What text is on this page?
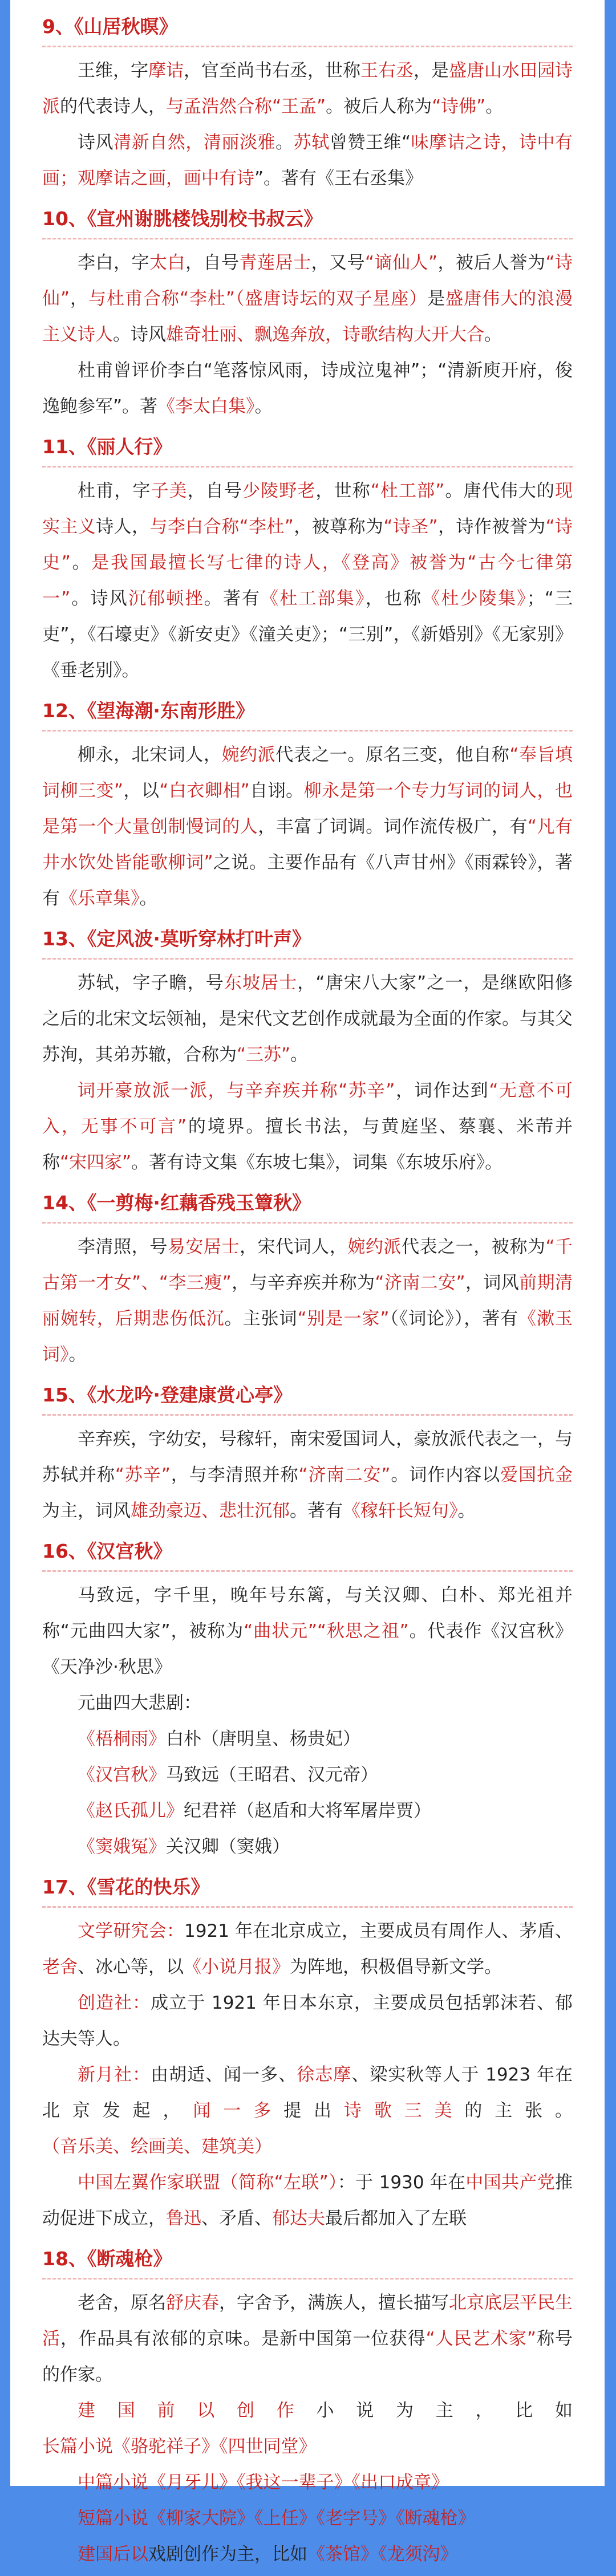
9、《山居秋暝》

王维，字摩诘，官至尚书右丞，世称王右丞，是盛唐山水田园诗派的代表诗人，与孟浩然合称“王孟”。被后人称为“诗佛”。

诗风清新自然，清丽淡雅。苏轼曾赞王维“味摩诘之诗，诗中有画；观摩诘之画，画中有诗”。著有《王右丞集》

10、《宣州谢朓楼饯别校书叔云》

李白，字太白，自号青莲居士，又号“谪仙人”，被后人誉为“诗仙”，与杜甫合称“李杜”（盛唐诗坛的双子星座）是盛唐伟大的浪漫主义诗人。诗风雄奇壮丽、飘逸奔放，诗歌结构大开大合。

杜甫曾评价李白“笔落惊风雨，诗成泣鬼神”；“清新庾开府，俊逸鲍参军”。著《李太白集》。

11、《丽人行》

杜甫，字子美，自号少陵野老，世称“杜工部”。唐代伟大的现实主义诗人，与李白合称“李杜”，被尊称为“诗圣”，诗作被誉为“诗史”。是我国最擅长写七律的诗人，《登高》被誉为“古今七律第一”。诗风沉郁顿挫。著有《杜工部集》，也称《杜少陵集》；“三吏”，《石壕吏》《新安吏》《潼关吏》；“三别”，《新婚别》《无家别》《垂老别》。

12、《望海潮·东南形胜》

柳永，北宋词人，婉约派代表之一。原名三变，他自称“奉旨填词柳三变”，以“白衣卿相”自诩。柳永是第一个专力写词的词人，也是第一个大量创制慢词的人，丰富了词调。词作流传极广，有“凡有井水饮处皆能歌柳词”之说。主要作品有《八声甘州》《雨霖铃》，著有《乐章集》。

13、《定风波·莫听穿林打叶声》

苏轼，字子瞻，号东坡居士，“唐宋八大家”之一，是继欧阳修之后的北宋文坛领袖，是宋代文艺创作成就最为全面的作家。与其父苏洵，其弟苏辙，合称为“三苏”。

词开豪放派一派，与辛弃疾并称“苏辛”，词作达到“无意不可入，无事不可言”的境界。擅长书法，与黄庭坚、蔡襄、米芾并称“宋四家”。著有诗文集《东坡七集》，词集《东坡乐府》。

14、《一剪梅·红藕香残玉簟秋》

李清照，号易安居士，宋代词人，婉约派代表之一，被称为“千古第一才女”、“李三瘦”，与辛弃疾并称为“济南二安”，词风前期清丽婉转，后期悲伤低沉。主张词“别是一家”（《词论》），著有《漱玉词》。

15、《水龙吟·登建康赏心亭》

辛弃疾，字幼安，号稼轩，南宋爱国词人，豪放派代表之一，与苏轼并称“苏辛”，与李清照并称“济南二安”。词作内容以爱国抗金为主，词风雄劲豪迈、悲壮沉郁。著有《稼轩长短句》。

16、《汉宫秋》

马致远，字千里，晚年号东篱，与关汉卿、白朴、郑光祖并称“元曲四大家”，被称为“曲状元”“秋思之祖”。代表作《汉宫秋》《天净沙·秋思》

元曲四大悲剧：

《梧桐雨》白朴（唐明皇、杨贵妃）
《汉宫秋》马致远（王昭君、汉元帝）
《赵氏孤儿》纪君祥（赵盾和大将军屠岸贾）
《窦娥冤》关汉卿（窦娥）
17、《雪花的快乐》

文学研究会：1921 年在北京成立，主要成员有周作人、茅盾、老舍、冰心等，以《小说月报》为阵地，积极倡导新文学。

创造社：成立于 1921 年日本东京，主要成员包括郭沫若、郁达夫等人。

新月社：由胡适、闻一多、徐志摩、梁实秋等人于 1923 年在北京发起，闻一多提出诗歌三美的主张。（音乐美、绘画美、建筑美）

中国左翼作家联盟（简称“左联”）：于 1930 年在中国共产党推动促进下成立，鲁迅、矛盾、郁达夫最后都加入了左联

18、《断魂枪》

老舍，原名舒庆春，字舍予，满族人，擅长描写北京底层平民生活，作品具有浓郁的京味。是新中国第一位获得“人民艺术家”称号的作家。

建国前以创作小说为主，比如长篇小说《骆驼祥子》《四世同堂》

中篇小说《月牙儿》《我这一辈子》《出口成章》

短篇小说《柳家大院》《上任》《老字号》《断魂枪》

建国后以戏剧创作为主，比如《茶馆》《龙须沟》
